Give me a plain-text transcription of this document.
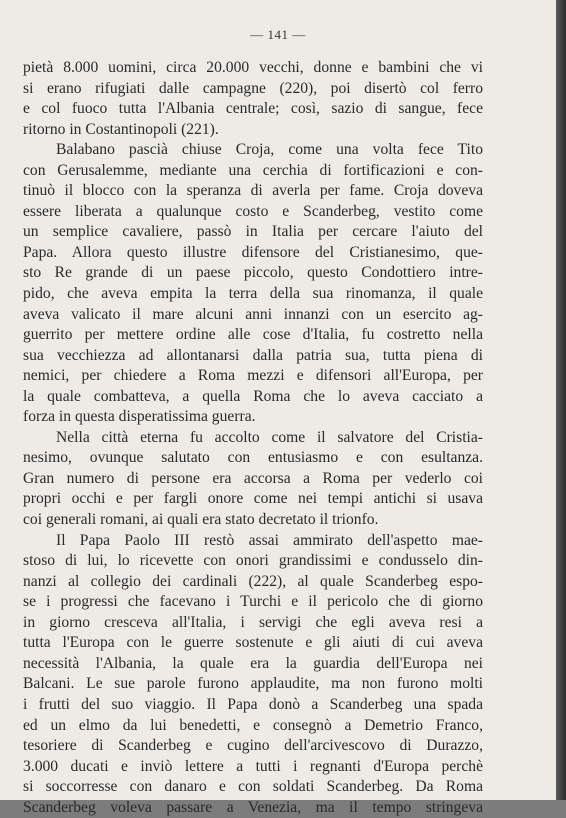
— 141 —
pietà 8.000 uomini, circa 20.000 vecchi, donne e bambini che vi
si erano rifugiati dalle campagne (220), poi disertò col ferro
e col fuoco tutta l'Albania centrale; così, sazio di sangue, fece
ritorno in Costantinopoli (221).
Balabano pascià chiuse Croja, come una volta fece Tito
con Gerusalemme, mediante una cerchia di fortificazioni e con-
tinuò il blocco con la speranza di averla per fame. Croja doveva
essere liberata a qualunque costo e Scanderbeg, vestito come
un semplice cavaliere, passò in Italia per cercare l'aiuto del
Papa. Allora questo illustre difensore del Cristianesimo, que-
sto Re grande di un paese piccolo, questo Condottiero intre-
pido, che aveva empita la terra della sua rinomanza, il quale
aveva valicato il mare alcuni anni innanzi con un esercito ag-
guerrito per mettere ordine alle cose d'Italia, fu costretto nella
sua vecchiezza ad allontanarsi dalla patria sua, tutta piena di
nemici, per chiedere a Roma mezzi e difensori all'Europa, per
la quale combatteva, a quella Roma che lo aveva cacciato a
forza in questa disperatissima guerra.
Nella città eterna fu accolto come il salvatore del Cristia-
nesimo, ovunque salutato con entusiasmo e con esultanza.
Gran numero di persone era accorsa a Roma per vederlo coi
propri occhi e per fargli onore come nei tempi antichi si usava
coi generali romani, ai quali era stato decretato il trionfo.
Il Papa Paolo III restò assai ammirato dell'aspetto mae-
stoso di lui, lo ricevette con onori grandissimi e condusselo din-
nanzi al collegio dei cardinali (222), al quale Scanderbeg espo-
se i progressi che facevano i Turchi e il pericolo che di giorno
in giorno cresceva all'Italia, i servigi che egli aveva resi a
tutta l'Europa con le guerre sostenute e gli aiuti di cui aveva
necessità l'Albania, la quale era la guardia dell'Europa nei
Balcani. Le sue parole furono applaudite, ma non furono molti
i frutti del suo viaggio. Il Papa donò a Scanderbeg una spada
ed un elmo da lui benedetti, e consegnò a Demetrio Franco,
tesoriere di Scanderbeg e cugino dell'arcivescovo di Durazzo,
3.000 ducati e inviò lettere a tutti i regnanti d'Europa perchè
si soccorresse con danaro e con soldati Scanderbeg. Da Roma
Scanderbeg voleva passare a Venezia, ma il tempo stringeva
